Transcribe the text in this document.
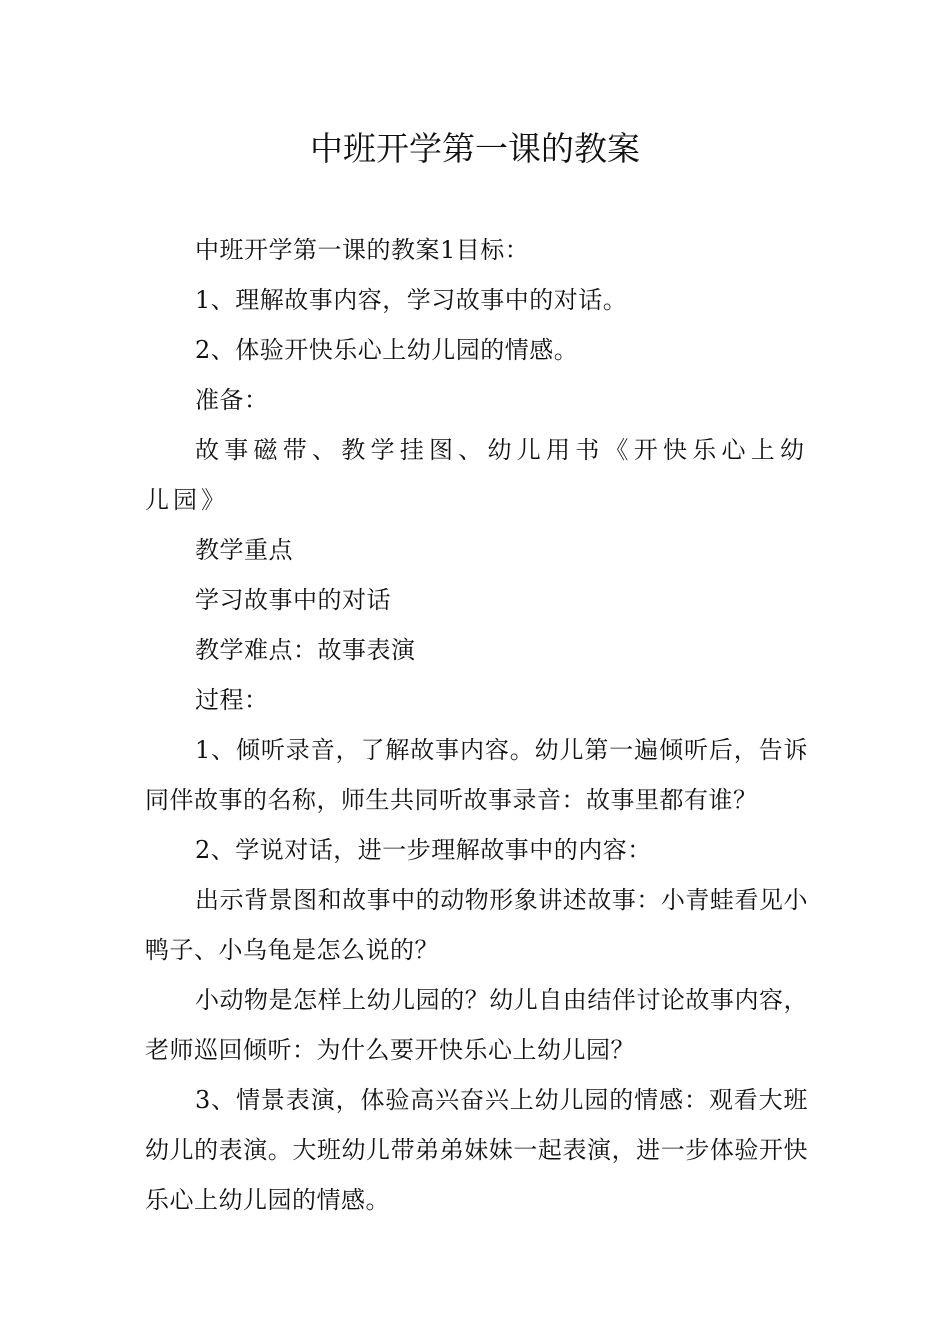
中班开学第一课的教案

中班开学第一课的教案1目标：

1、理解故事内容，学习故事中的对话。

2、体验开快乐心上幼儿园的情感。

准备：

故事磁带、教学挂图、幼儿用书《开快乐心上幼儿园》

教学重点

学习故事中的对话

教学难点：故事表演

过程：

1、倾听录音，了解故事内容。幼儿第一遍倾听后，告诉同伴故事的名称，师生共同听故事录音：故事里都有谁？

2、学说对话，进一步理解故事中的内容：

出示背景图和故事中的动物形象讲述故事：小青蛙看见小鸭子、小乌龟是怎么说的？

小动物是怎样上幼儿园的？幼儿自由结伴讨论故事内容，老师巡回倾听：为什么要开快乐心上幼儿园？

3、情景表演，体验高兴奋兴上幼儿园的情感：观看大班幼儿的表演。大班幼儿带弟弟妹妹一起表演，进一步体验开快乐心上幼儿园的情感。
